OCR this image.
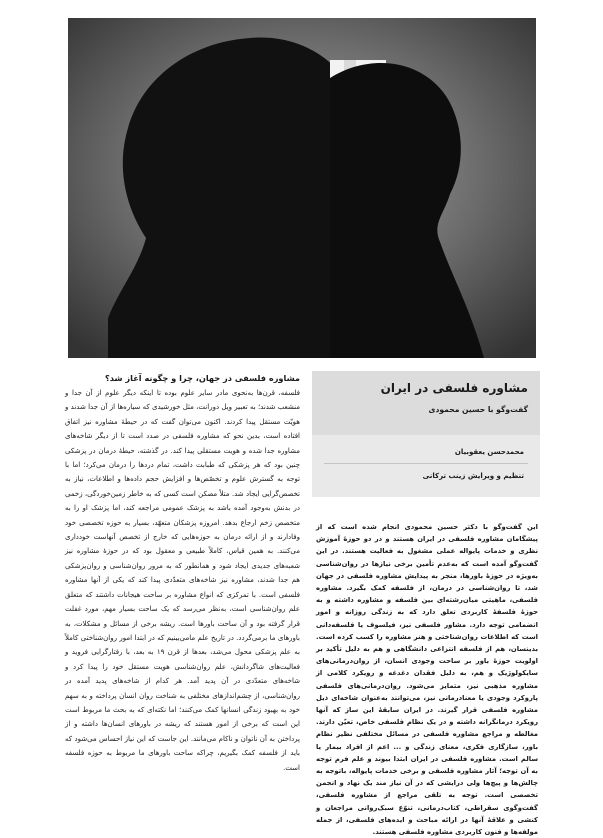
مشاوره فلسفی در جهان، چرا و چگونه آغاز شد؟

فلسفه، قرن‌ها به‌نحوی مادر سایر علوم بوده تا اینکه دیگر علوم از آن جدا و منشعب شدند؛ به تعبیر ویل دورانت، مثل خورشیدی که سیاره‌ها از آن جدا شدند و هویّت مستقل پیدا کردند. اکنون می‌توان گفت که در حیطهٔ مشاوره نیز اتفاق افتاده است، بدین نحو که مشاوره فلسفی در صدد است تا از دیگر شاخه‌های مشاوره جدا شده و هویت مستقلی پیدا کند. در گذشته، حیطهٔ درمان در پزشکی چنین بود که هر پزشکی که طبابت داشت، تمام دردها را درمان می‌کرد؛ اما با توجه به گسترش علوم و تخصّص‌ها و افزایش حجم داده‌ها و اطلاعات، نیاز به تخصص‌گرایی ایجاد شد. متلاً مصکن است کسی که به خاطر زمین‌خوردگی، زخمی در بدنش به‌وجود آمده باشد به پزشک عمومی مراجعه کند، اما پزشک او را به متخصص زخم ارجاع بدهد. امروزه پزشکان متعهّد، بسیار به حوزه تخصصی خود وفادارند و از ارائه درمان به حوزه‌هایی که خارج از تخصص آنهاست خودداری می‌کنند. به همین قیاس، کاملاً طبیعی و معقول بود که در حوزهٔ مشاوره نیز شعبه‌های جدیدی ایجاد شود و همانطور که به مرور روان‌شناسی و روان‌پزشکی هم جدا شدند، مشاوره نیز شاخه‌های متعدّدی پیدا کند که یکی از آنها مشاوره فلسفی است. با تمرکزی که انواع مشاوره بر ساحت هیجانات داشتند که متعلق علم روان‌شناسی است، به‌نظر می‌رسد که یک ساحت بسیار مهم، مورد غفلت قرار گرفته بود و آن ساحت باورها است. ریشه برخی از مسائل و مشکلات، به باورهای ما برمی‌گردد. در تاریخ علم مامی‌بینیم که در ابتدا امور روان‌شناختی کاملاً به علم پزشکی محول می‌شد، بعدها از قرن ۱۹ به بعد، با رفتارگرایی فروید و فعالیت‌های شاگردانش، علم روان‌شناسی هویت مستقل خود را پیدا کرد و شاخه‌های متعدّدی در آن پدید آمد. هر کدام از شاخه‌های پدید آمده در روان‌شناسی، از چشم‌اندازهای مختلفی به شناخت روان انسان پرداخته و به سهم خود به بهبود زندگی انسانها کمک می‌کنند؛ اما نکته‌ای که به بحث ما مربوط است این است که برخی از امور هستند که ریشه در باورهای انسان‌ها داشته و از پرداختن به آن ناتوان و ناکام می‌مانند. این جاست که این نیاز احساس می‌شود که باید از فلسفه کمک بگیریم، چراکه ساحت باورهای ما مربوط به حوزه فلسفه است.

مشاوره فلسفی در ایران
گفت‌وگو با حسین محمودی
محمدحسن یعقوبیان
تنظیم و ویرایش زینب ترکانی

این گفت‌وگو با دکتر حسین محمودی انجام شده است که از پیشگامان مشاوره فلسفی در ایران هستند و در دو حوزهٔ آموزش نظری و خدمات پایواله عملی مشغول به فعالیت هستند. در این گفت‌وگو آمده است که به‌عدم تأمین برخی نیازها در روان‌شناسی به‌ویژه در حوزهٔ باورها، منجر به پیدایش مشاوره فلسفی در جهان شد، تا روان‌شناسی در درمان، از فلسفه کمک بگیرد. مشاوره فلسفی، ماهیتی میان‌رشته‌ای بین فلسفه و مشاوره داشته و به حوزهٔ فلسفهٔ کاربردی تعلق دارد که به زندگی روزانه و امور انضمامی توجه دارد. مشاور فلسفی نیز، فیلسوف یا فلسفه‌دانی است که اطلاعات روان‌شناختی و هنر مشاوره را کسب کرده است. بدینسان، هم از فلسفه انتزاعی دانشگاهی و هم به دلیل تأکید بر اولویت حوزهٔ باور بر ساحت وجودی انسان، از روان‌درمانی‌های سایکولوژیک و هم، به دلیل فقدان دغدغه و رویکرد کلامی از مشاوره مذهبی نیز، متمایز می‌شود. روان‌درمانی‌های فلسفی پاروکرد وجودی یا معنادرمانی نیز، می‌توانند به‌عنوان شاخه‌ای ذیل مشاوره فلسفی قرار گیرند. در ایران سابقهٔ این ساز که آنها رویکرد درمانگرانه داشته و در یک نظام فلسفی خاص، تعیّن دارند. مغالطه و مراجع مشاوره فلسفی در مسائل مختلفی نظیر نظام باور، سازگاری فکری، معنای زندگی و ... اعم از افراد بیمار یا سالم است. مشاوره فلسفی در ایران ابتدا بیوند و علم فرم توجه به آن توجه؛ آثار مشاوره فلسفی و برخی خدمات پایواله، باتوجه به چالش‌ها و پیچ‌ها ولی درایشی که در آن نیاز مند یک نهاد و انجمن تخصصی است. توجه به تلقی مراجع از مشاوره فلسفی، گفت‌وگوی سقراطی، کتاب‌درمانی، تنوّع سبک‌روانی مراجعان و کنشی و علاقهٔ آنها در ارائه مباحث و ایده‌های فلسفی، از جمله مولفه‌ها و فنون کاربردی مشاوره فلسفی هستند.
